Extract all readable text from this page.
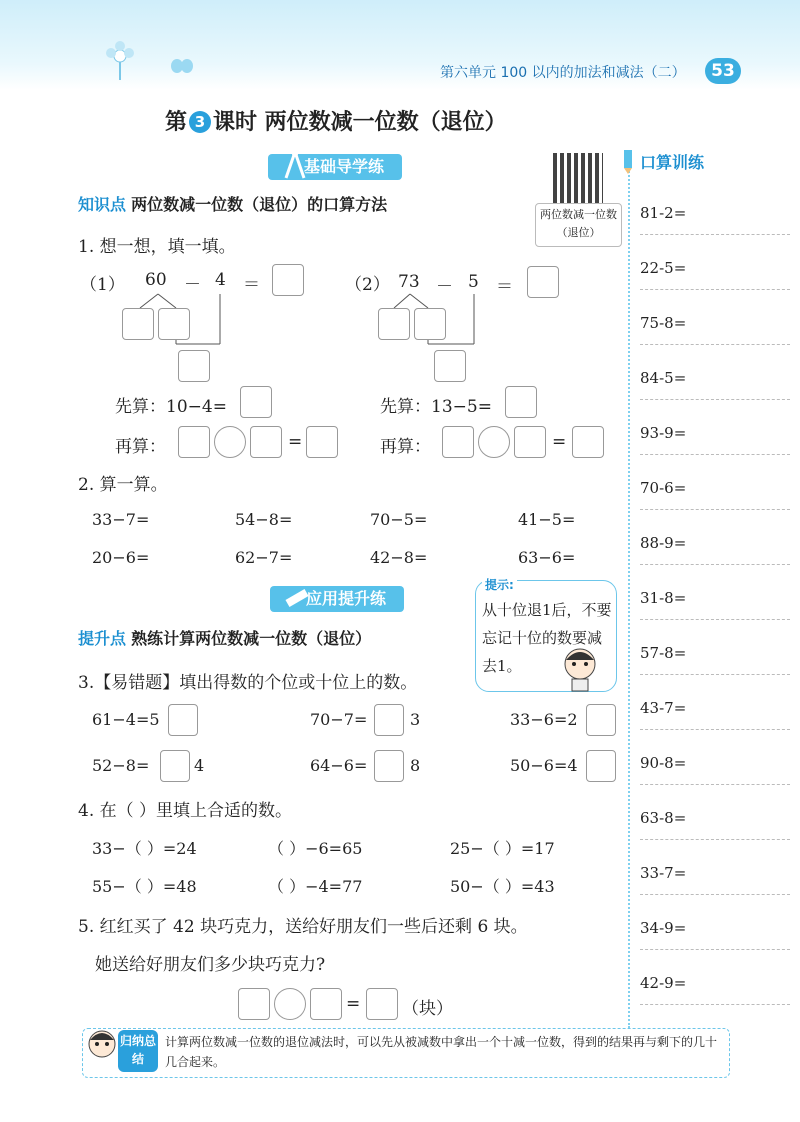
第六单元 100 以内的加法和减法（二）	53
第 3 课时 两位数减一位数（退位）
基础导学练
知识点 两位数减一位数（退位）的口算方法
两位数减一位数（退位）
1. 想一想，填一填。
（1） 60 － 4 ＝
先算：10−4=
再算：	=
（2） 73 － 5 ＝
先算：13−5=
再算：	=
2. 算一算。
33−7=	54−8=	70−5=	41−5=
20−6=	62−7=	42−8=	63−6=
应用提升练
提升点 熟练计算两位数减一位数（退位）
提示:
从十位退1后，不要忘记十位的数要减去1。
3.【易错题】填出得数的个位或十位上的数。
61−4=5	70−7=	3	33−6=2
52−8=	4	64−6=	8	50−6=4
4. 在（ ）里填上合适的数。
33−（ ）=24	（ ）−6=65	25−（ ）=17
55−（ ）=48	（ ）−4=77	50−（ ）=43
5. 红红买了 42 块巧克力，送给好朋友们一些后还剩 6 块。
她送给好朋友们多少块巧克力?
= （块）
口算训练
81-2=
22-5=
75-8=
84-5=
93-9=
70-6=
88-9=
31-8=
57-8=
43-7=
90-8=
63-8=
33-7=
34-9=
42-9=
归纳总结
计算两位数减一位数的退位减法时，可以先从被减数中拿出一个十减一位数，得到的结果再与剩下的几十几合起来。
